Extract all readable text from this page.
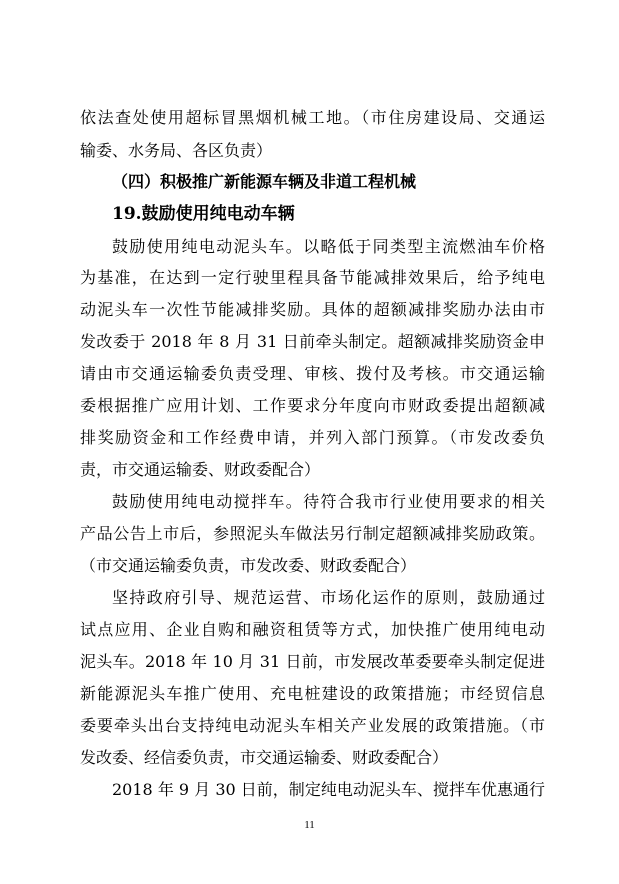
依法查处使用超标冒黑烟机械工地。（市住房建设局、交通运
输委、水务局、各区负责）
（四）积极推广新能源车辆及非道工程机械
19.鼓励使用纯电动车辆
鼓励使用纯电动泥头车。以略低于同类型主流燃油车价格
为基准，在达到一定行驶里程具备节能减排效果后，给予纯电
动泥头车一次性节能减排奖励。具体的超额减排奖励办法由市
发改委于 2018 年 8 月 31 日前牵头制定。超额减排奖励资金申
请由市交通运输委负责受理、审核、拨付及考核。市交通运输
委根据推广应用计划、工作要求分年度向市财政委提出超额减
排奖励资金和工作经费申请，并列入部门预算。（市发改委负
责，市交通运输委、财政委配合）
鼓励使用纯电动搅拌车。待符合我市行业使用要求的相关
产品公告上市后，参照泥头车做法另行制定超额减排奖励政策。
（市交通运输委负责，市发改委、财政委配合）
坚持政府引导、规范运营、市场化运作的原则，鼓励通过
试点应用、企业自购和融资租赁等方式，加快推广使用纯电动
泥头车。2018 年 10 月 31 日前，市发展改革委要牵头制定促进
新能源泥头车推广使用、充电桩建设的政策措施；市经贸信息
委要牵头出台支持纯电动泥头车相关产业发展的政策措施。（市
发改委、经信委负责，市交通运输委、财政委配合）
2018 年 9 月 30 日前，制定纯电动泥头车、搅拌车优惠通行
11
